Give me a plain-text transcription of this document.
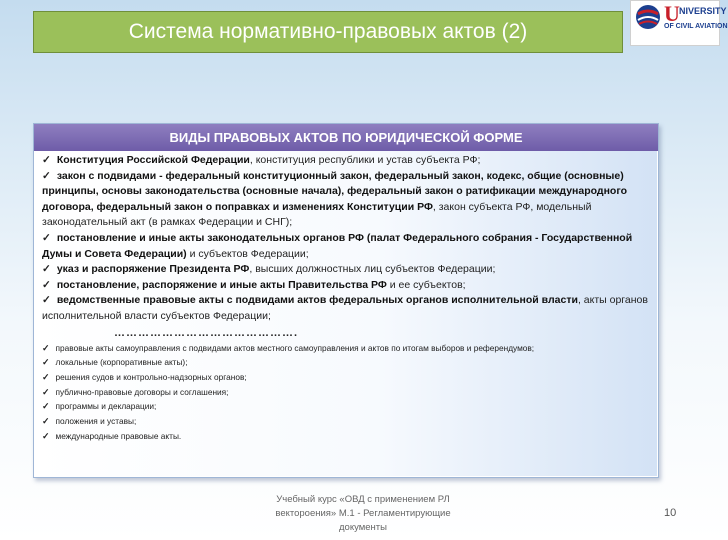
Система нормативно-правовых актов (2)
U NIVERSITY
OF CIVIL AVIATION
ВИДЫ ПРАВОВЫХ АКТОВ ПО ЮРИДИЧЕСКОЙ ФОРМЕ
✓ Конституция Российской Федерации, конституция республики и устав субъекта РФ;
✓ закон с подвидами - федеральный конституционный закон, федеральный закон, кодекс, общие (основные) принципы, основы законодательства (основные начала), федеральный закон о ратификации международного договора, федеральный закон о поправках и изменениях Конституции РФ, закон субъекта РФ, модельный законодательный акт (в рамках Федерации и СНГ);
✓ постановление и иные акты законодательных органов РФ (палат Федерального собрания - Государственной Думы и Совета Федерации) и субъектов Федерации;
✓ указ и распоряжение Президента РФ, высших должностных лиц субъектов Федерации;
✓ постановление, распоряжение и иные акты Правительства РФ и ее субъектов;
✓ ведомственные правовые акты с подвидами актов федеральных органов исполнительной власти, акты органов исполнительной власти субъектов Федерации;
……………………………………….
✓ правовые акты самоуправления с подвидами актов местного самоуправления и актов по итогам выборов и референдумов;
✓ локальные (корпоративные акты);
✓ решения судов и контрольно-надзорных органов;
✓ публично-правовые договоры и соглашения;
✓ программы и декларации;
✓ положения и уставы;
✓ международные правовые акты.
Учебный курс «ОВД с применением РЛ
вектороения» М.1 - Регламентирующие
документы
10
